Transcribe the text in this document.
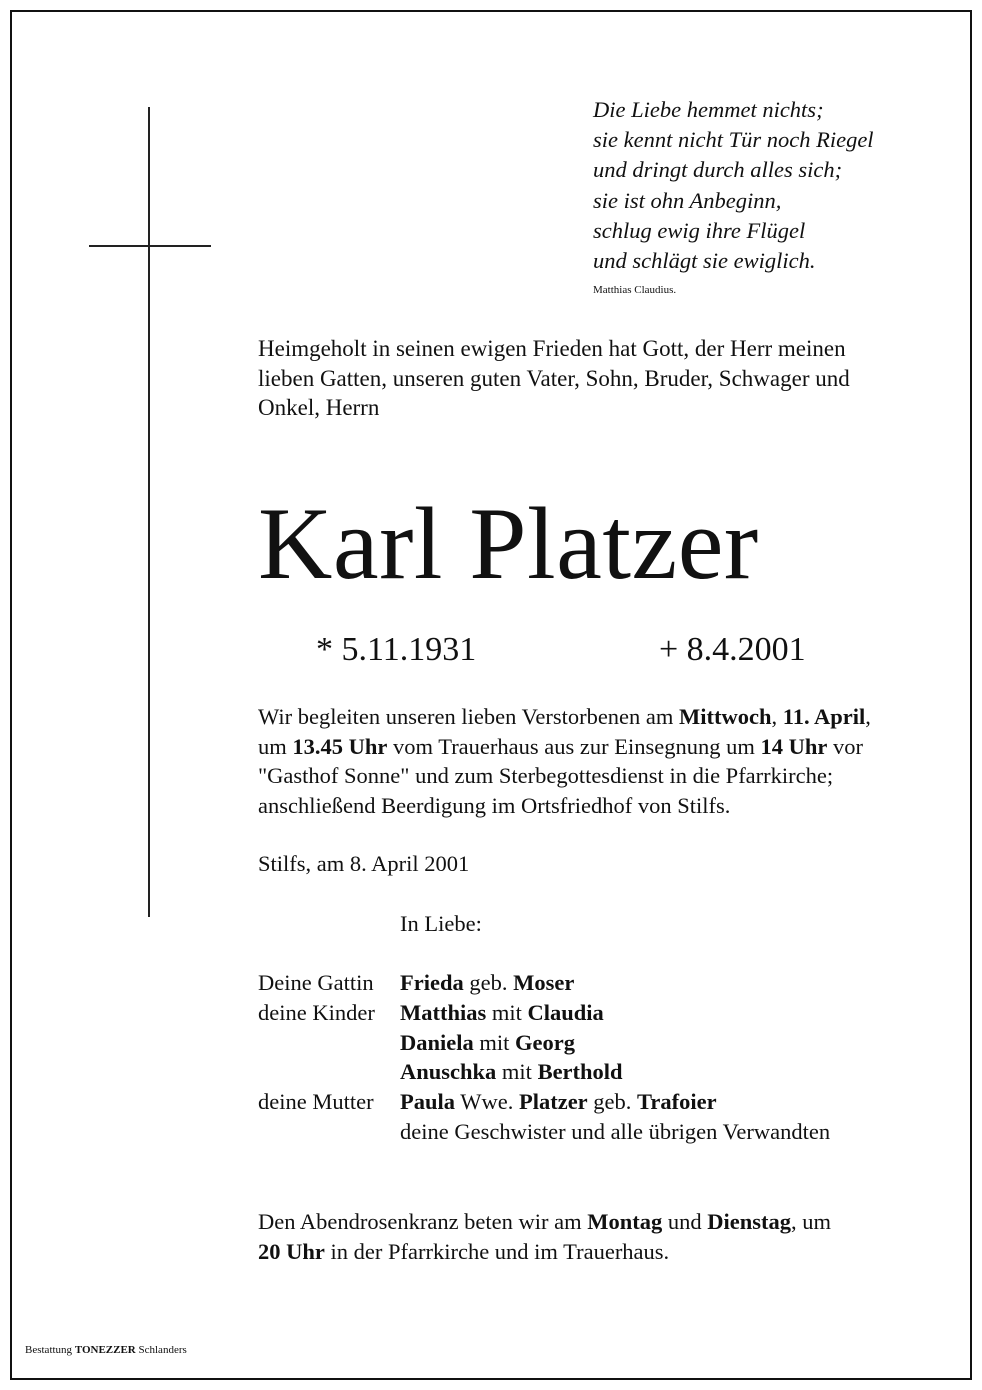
Die Liebe hemmet nichts;
sie kennt nicht Tür noch Riegel
und dringt durch alles sich;
sie ist ohn Anbeginn,
schlug ewig ihre Flügel
und schlägt sie ewiglich.
Matthias Claudius.
Heimgeholt in seinen ewigen Frieden hat Gott, der Herr meinen
lieben Gatten, unseren guten Vater, Sohn, Bruder, Schwager und
Onkel, Herrn
Karl Platzer
* 5.11.1931	+ 8.4.2001
Wir begleiten unseren lieben Verstorbenen am Mittwoch, 11. April,
um 13.45 Uhr vom Trauerhaus aus zur Einsegnung um 14 Uhr vor
"Gasthof Sonne" und zum Sterbegottesdienst in die Pfarrkirche;
anschließend Beerdigung im Ortsfriedhof von Stilfs.
Stilfs, am 8. April 2001
In Liebe:
Deine Gattin	Frieda geb. Moser
deine Kinder	Matthias mit Claudia
Daniela mit Georg
Anuschka mit Berthold
deine Mutter	Paula Wwe. Platzer geb. Trafoier
deine Geschwister und alle übrigen Verwandten
Den Abendrosenkranz beten wir am Montag und Dienstag, um
20 Uhr in der Pfarrkirche und im Trauerhaus.
Bestattung TONEZZER Schlanders
